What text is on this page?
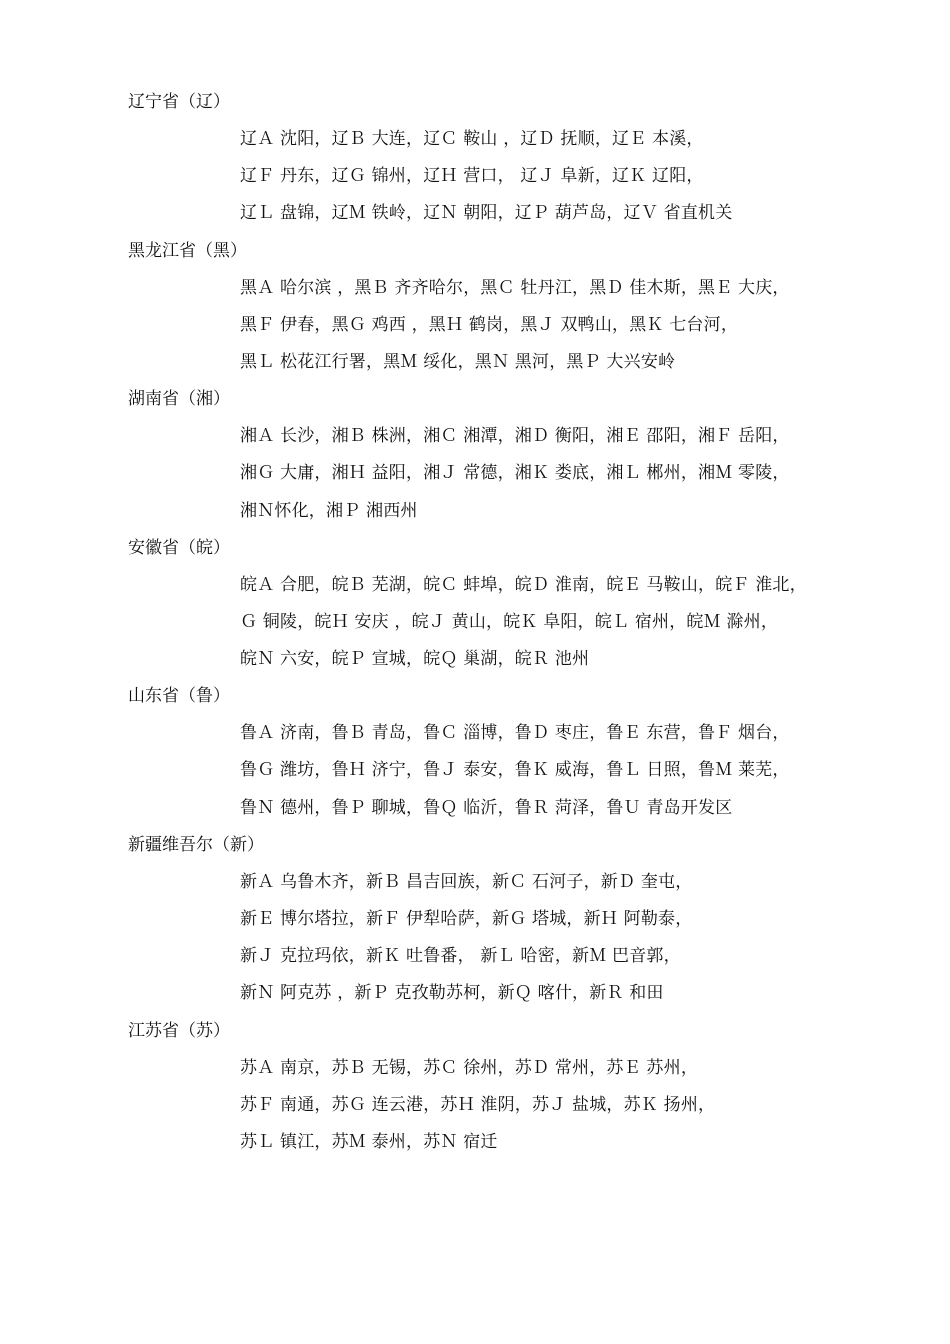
辽宁省（辽）
辽Ａ 沈阳，辽Ｂ 大连，辽Ｃ 鞍山 ，辽Ｄ 抚顺，辽Ｅ 本溪，
辽Ｆ 丹东，辽Ｇ 锦州，辽Ｈ 营口， 辽Ｊ 阜新，辽Ｋ 辽阳，
辽Ｌ 盘锦，辽Ｍ 铁岭，辽Ｎ 朝阳，辽Ｐ 葫芦岛，辽Ｖ 省直机关
黑龙江省（黑）
黑Ａ 哈尔滨 ，黑Ｂ 齐齐哈尔，黑Ｃ 牡丹江，黑Ｄ 佳木斯，黑Ｅ 大庆，
黑Ｆ 伊春，黑Ｇ 鸡西 ，黑Ｈ 鹤岗，黑Ｊ 双鸭山，黑Ｋ 七台河，
黑Ｌ 松花江行署，黑Ｍ 绥化，黑Ｎ 黑河，黑Ｐ 大兴安岭
湖南省（湘）
湘Ａ 长沙，湘Ｂ 株洲，湘Ｃ 湘潭，湘Ｄ 衡阳，湘Ｅ 邵阳，湘Ｆ 岳阳，
湘Ｇ 大庸，湘Ｈ 益阳，湘Ｊ 常德，湘Ｋ 娄底，湘Ｌ 郴州，湘Ｍ 零陵，
湘Ｎ怀化，湘Ｐ 湘西州
安徽省（皖）
皖Ａ 合肥，皖Ｂ 芜湖，皖Ｃ 蚌埠，皖Ｄ 淮南，皖Ｅ 马鞍山，皖Ｆ 淮北，
Ｇ 铜陵，皖Ｈ 安庆 ，皖Ｊ 黄山，皖Ｋ 阜阳，皖Ｌ 宿州，皖Ｍ 滁州，
皖Ｎ 六安，皖Ｐ 宣城，皖Ｑ 巢湖，皖Ｒ 池州
山东省（鲁）
鲁Ａ 济南，鲁Ｂ 青岛，鲁Ｃ 淄博，鲁Ｄ 枣庄，鲁Ｅ 东营，鲁Ｆ 烟台，
鲁Ｇ 潍坊，鲁Ｈ 济宁，鲁Ｊ 泰安，鲁Ｋ 威海，鲁Ｌ 日照，鲁Ｍ 莱芜，
鲁Ｎ 德州，鲁Ｐ 聊城，鲁Ｑ 临沂，鲁Ｒ 菏泽，鲁Ｕ 青岛开发区
新疆维吾尔（新）
新Ａ 乌鲁木齐，新Ｂ 昌吉回族，新Ｃ 石河子，新Ｄ 奎屯，
新Ｅ 博尔塔拉，新Ｆ 伊犁哈萨，新Ｇ 塔城，新Ｈ 阿勒泰，
新Ｊ 克拉玛依，新Ｋ 吐鲁番， 新Ｌ 哈密，新Ｍ 巴音郭，
新Ｎ 阿克苏 ，新Ｐ 克孜勒苏柯，新Ｑ 喀什，新Ｒ 和田
江苏省（苏）
苏Ａ 南京，苏Ｂ 无锡，苏Ｃ 徐州，苏Ｄ 常州，苏Ｅ 苏州，
苏Ｆ 南通，苏Ｇ 连云港，苏Ｈ 淮阴，苏Ｊ 盐城，苏Ｋ 扬州，
苏Ｌ 镇江，苏Ｍ 泰州，苏Ｎ 宿迁
